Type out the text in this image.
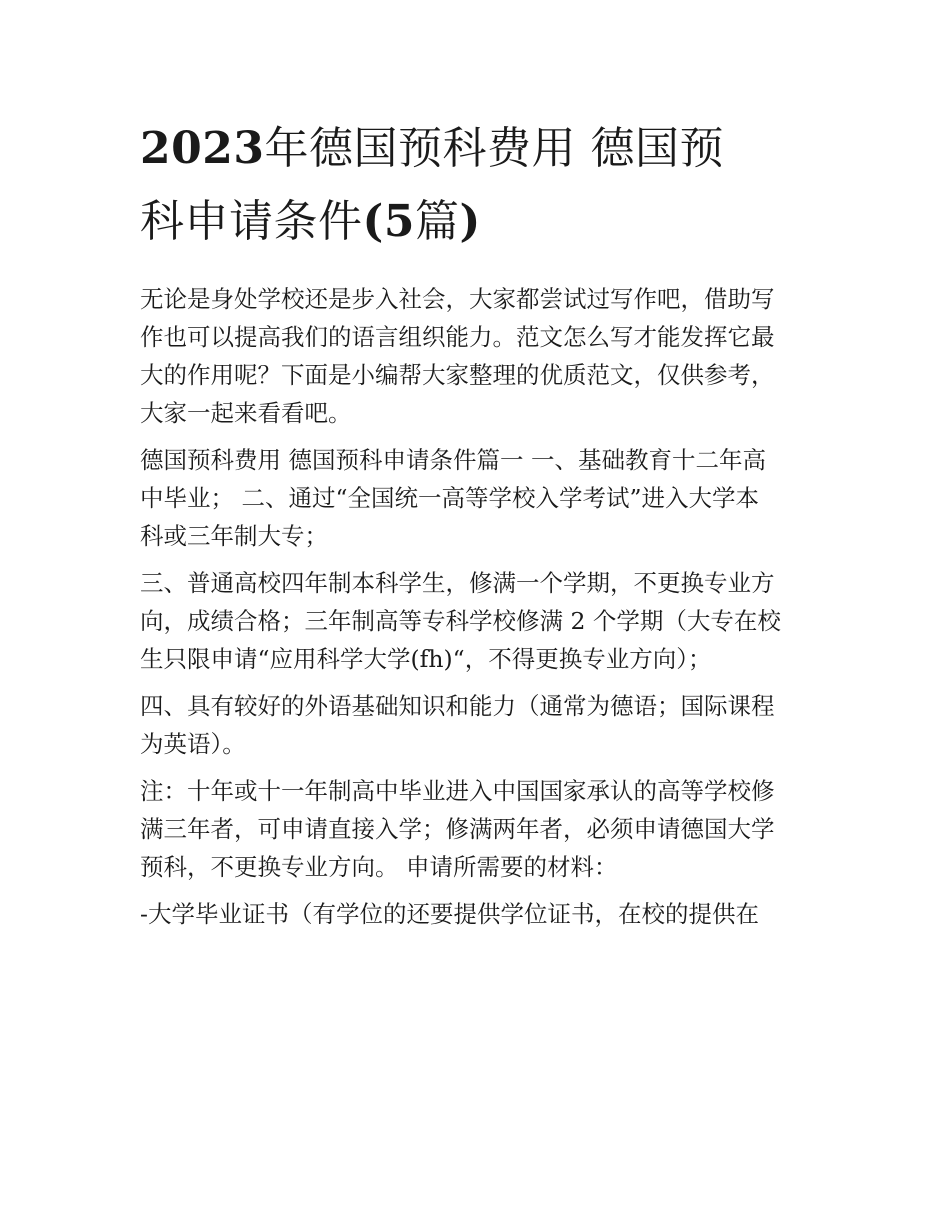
2023年德国预科费用 德国预
科申请条件(5篇)

无论是身处学校还是步入社会，大家都尝试过写作吧，借助写
作也可以提高我们的语言组织能力。范文怎么写才能发挥它最
大的作用呢？下面是小编帮大家整理的优质范文，仅供参考，
大家一起来看看吧。

德国预科费用 德国预科申请条件篇一 一、基础教育十二年高
中毕业； 二、通过“全国统一高等学校入学考试”进入大学本
科或三年制大专；

三、普通高校四年制本科学生，修满一个学期，不更换专业方
向，成绩合格；三年制高等专科学校修满 2 个学期（大专在校
生只限申请“应用科学大学(fh)“，不得更换专业方向）；

四、具有较好的外语基础知识和能力（通常为德语；国际课程
为英语）。

注：十年或十一年制高中毕业进入中国国家承认的高等学校修
满三年者，可申请直接入学；修满两年者，必须申请德国大学
预科，不更换专业方向。 申请所需要的材料：

-大学毕业证书（有学位的还要提供学位证书，在校的提供在
